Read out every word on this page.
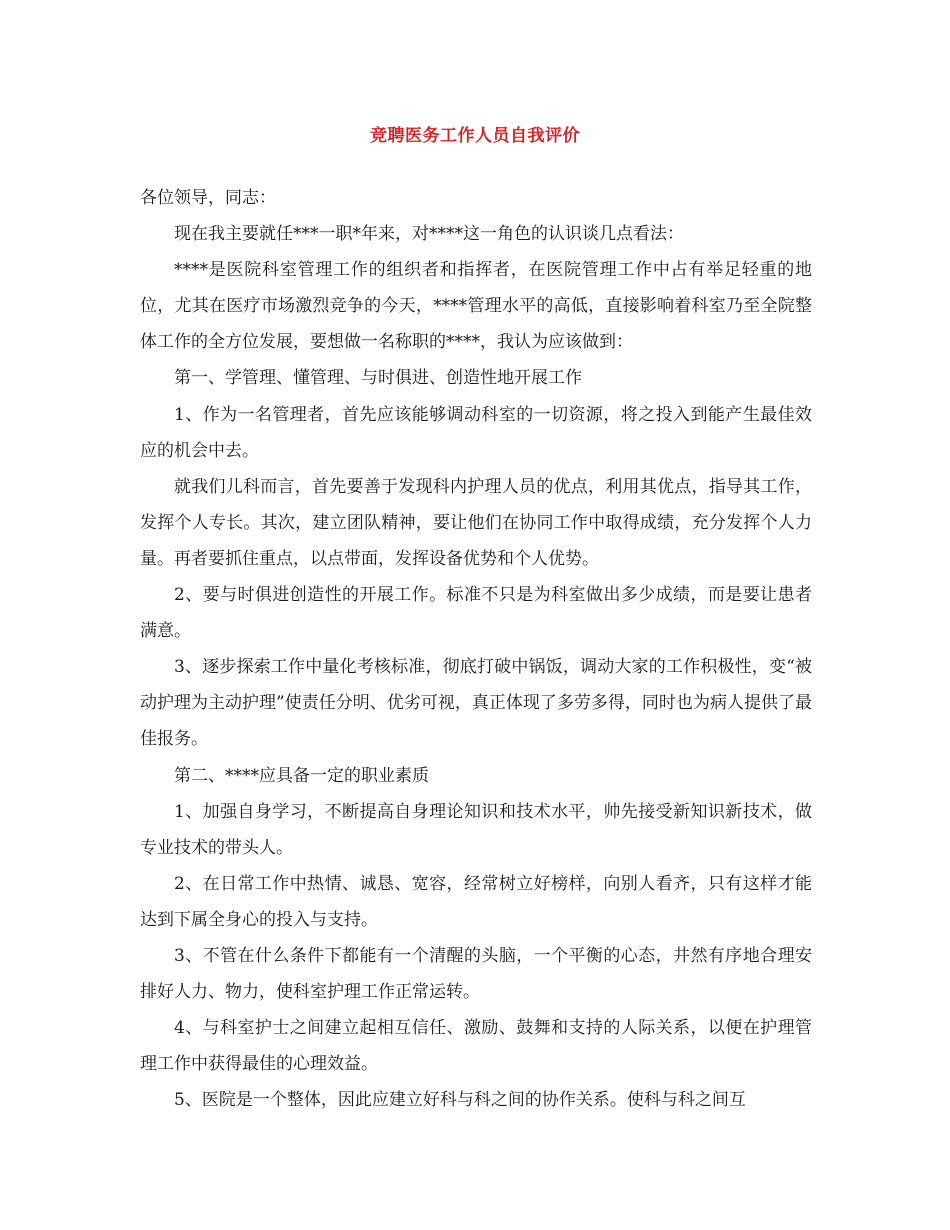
竞聘医务工作人员自我评价

各位领导，同志：

现在我主要就任***一职*年来，对****这一角色的认识谈几点看法：

****是医院科室管理工作的组织者和指挥者，在医院管理工作中占有举足轻重的地位，尤其在医疗市场激烈竞争的今天，****管理水平的高低，直接影响着科室乃至全院整体工作的全方位发展，要想做一名称职的****，我认为应该做到：

第一、学管理、懂管理、与时俱进、创造性地开展工作

1、作为一名管理者，首先应该能够调动科室的一切资源，将之投入到能产生最佳效应的机会中去。

就我们儿科而言，首先要善于发现科内护理人员的优点，利用其优点，指导其工作，发挥个人专长。其次，建立团队精神，要让他们在协同工作中取得成绩，充分发挥个人力量。再者要抓住重点，以点带面，发挥设备优势和个人优势。

2、要与时俱进创造性的开展工作。标准不只是为科室做出多少成绩，而是要让患者满意。

3、逐步探索工作中量化考核标准，彻底打破中锅饭，调动大家的工作积极性，变“被动护理为主动护理”使责任分明、优劣可视，真正体现了多劳多得，同时也为病人提供了最佳报务。

第二、****应具备一定的职业素质

1、加强自身学习，不断提高自身理论知识和技术水平，帅先接受新知识新技术，做专业技术的带头人。

2、在日常工作中热情、诚恳、宽容，经常树立好榜样，向别人看齐，只有这样才能达到下属全身心的投入与支持。

3、不管在什么条件下都能有一个清醒的头脑，一个平衡的心态，井然有序地合理安排好人力、物力，使科室护理工作正常运转。

4、与科室护士之间建立起相互信任、激励、鼓舞和支持的人际关系，以便在护理管理工作中获得最佳的心理效益。

5、医院是一个整体，因此应建立好科与科之间的协作关系。使科与科之间互
